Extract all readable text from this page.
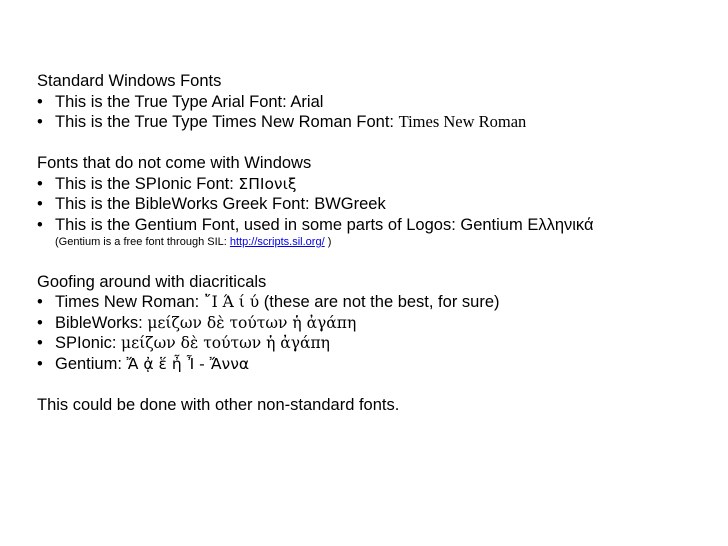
Standard Windows Fonts
• This is the True Type Arial Font: Arial
• This is the True Type Times New Roman Font: Times New Roman
Fonts that do not come with Windows
• This is the SPIonic Font: ΣΠΙονιξ
• This is the BibleWorks Greek Font: BWGreek
• This is the Gentium Font, used in some parts of Logos: Gentium Ελληνικά
(Gentium is a free font through SIL: http://scripts.sil.org/ )
Goofing around with diacriticals
• Times New Roman: ῎Ι Ά ί ύ (these are not the best, for sure)
• BibleWorks: μείζων δὲ τούτων ἡ ἀγάπη
• SPIonic: μείζων δὲ τούτων ἡ ἀγάπη
• Gentium: Ἄ ᾀ ἕ ἦ Ἶ - Ἄννα
This could be done with other non-standard fonts.
